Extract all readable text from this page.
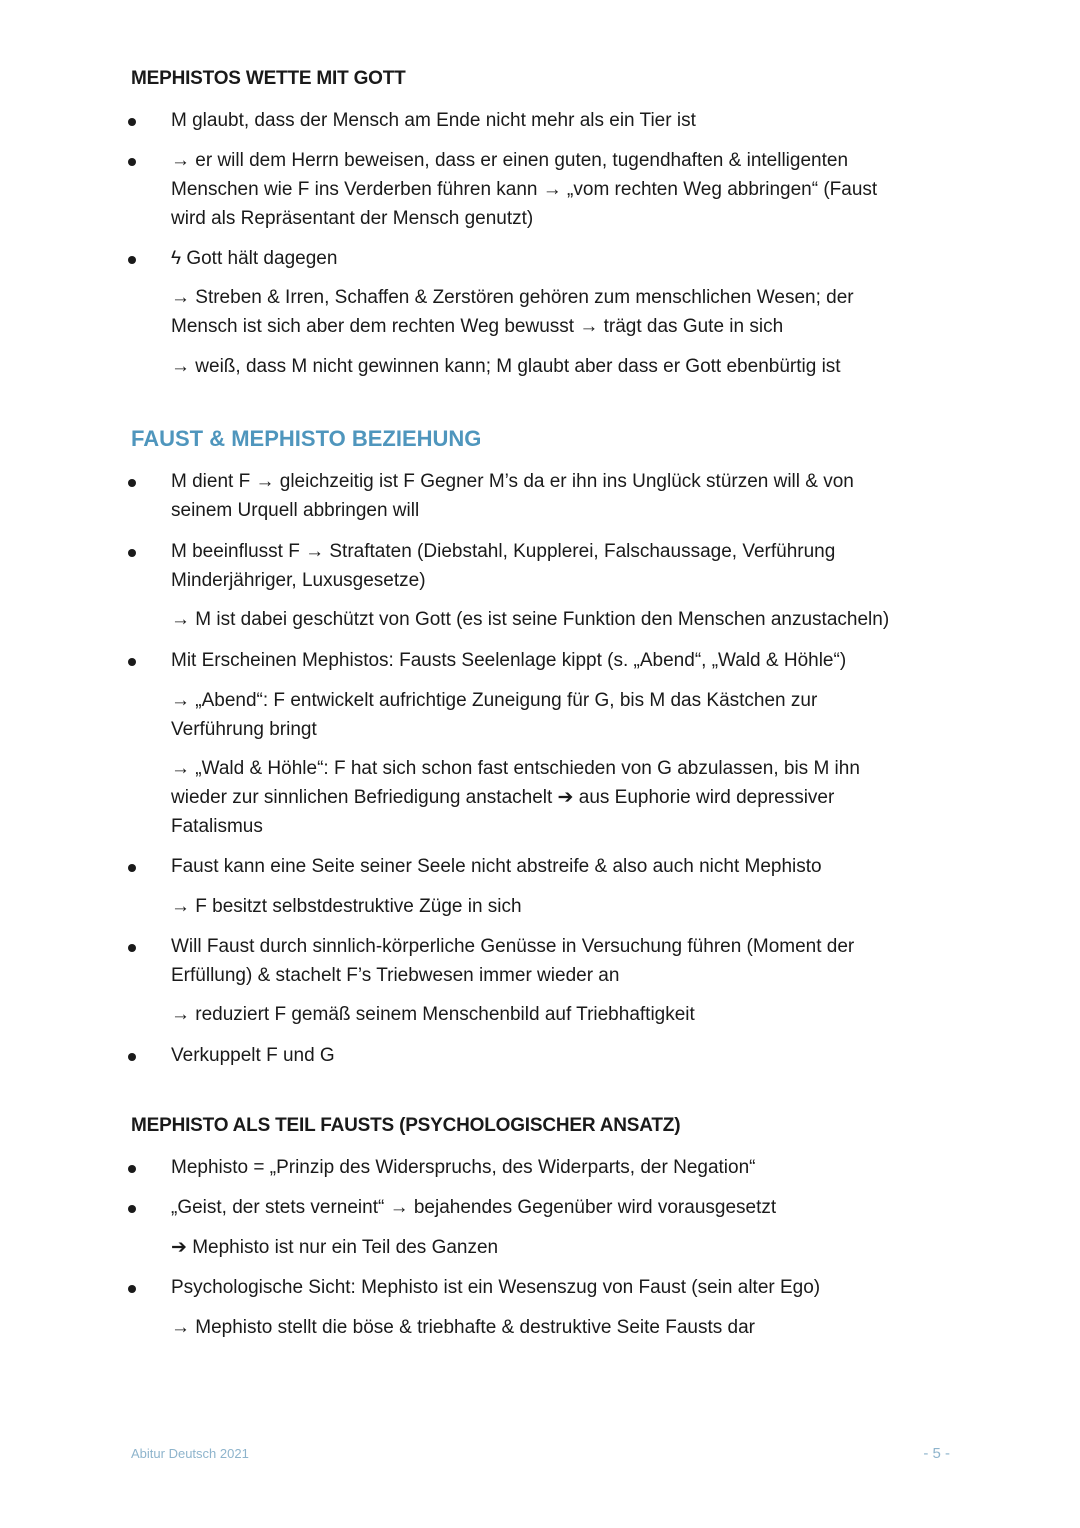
MEPHISTOS WETTE MIT GOTT

M glaubt, dass der Mensch am Ende nicht mehr als ein Tier ist

→ er will dem Herrn beweisen, dass er einen guten, tugendhaften & intelligenten

Menschen wie F ins Verderben führen kann → „vom rechten Weg abbringen“ (Faust

wird als Repräsentant der Mensch genutzt)

ϟ Gott hält dagegen

→ Streben & Irren, Schaffen & Zerstören gehören zum menschlichen Wesen; der

Mensch ist sich aber dem rechten Weg bewusst → trägt das Gute in sich

→ weiß, dass M nicht gewinnen kann; M glaubt aber dass er Gott ebenbürtig ist

FAUST & MEPHISTO BEZIEHUNG

M dient F → gleichzeitig ist F Gegner M’s da er ihn ins Unglück stürzen will & von

seinem Urquell abbringen will

M beeinflusst F → Straftaten (Diebstahl, Kupplerei, Falschaussage, Verführung

Minderjähriger, Luxusgesetze)

→ M ist dabei geschützt von Gott (es ist seine Funktion den Menschen anzustacheln)

Mit Erscheinen Mephistos: Fausts Seelenlage kippt (s. „Abend“, „Wald & Höhle“)

→ „Abend“: F entwickelt aufrichtige Zuneigung für G, bis M das Kästchen zur

Verführung bringt

→ „Wald & Höhle“: F hat sich schon fast entschieden von G abzulassen, bis M ihn

wieder zur sinnlichen Befriedigung anstachelt ➔ aus Euphorie wird depressiver

Fatalismus

Faust kann eine Seite seiner Seele nicht abstreife & also auch nicht Mephisto

→ F besitzt selbstdestruktive Züge in sich

Will Faust durch sinnlich-körperliche Genüsse in Versuchung führen (Moment der

Erfüllung) & stachelt F’s Triebwesen immer wieder an

→ reduziert F gemäß seinem Menschenbild auf Triebhaftigkeit

Verkuppelt F und G

MEPHISTO ALS TEIL FAUSTS (PSYCHOLOGISCHER ANSATZ)

Mephisto = „Prinzip des Widerspruchs, des Widerparts, der Negation“

„Geist, der stets verneint“ → bejahendes Gegenüber wird vorausgesetzt

➔ Mephisto ist nur ein Teil des Ganzen

Psychologische Sicht: Mephisto ist ein Wesenszug von Faust (sein alter Ego)

→ Mephisto stellt die böse & triebhafte & destruktive Seite Fausts dar

Abitur Deutsch 2021	- 5 -
